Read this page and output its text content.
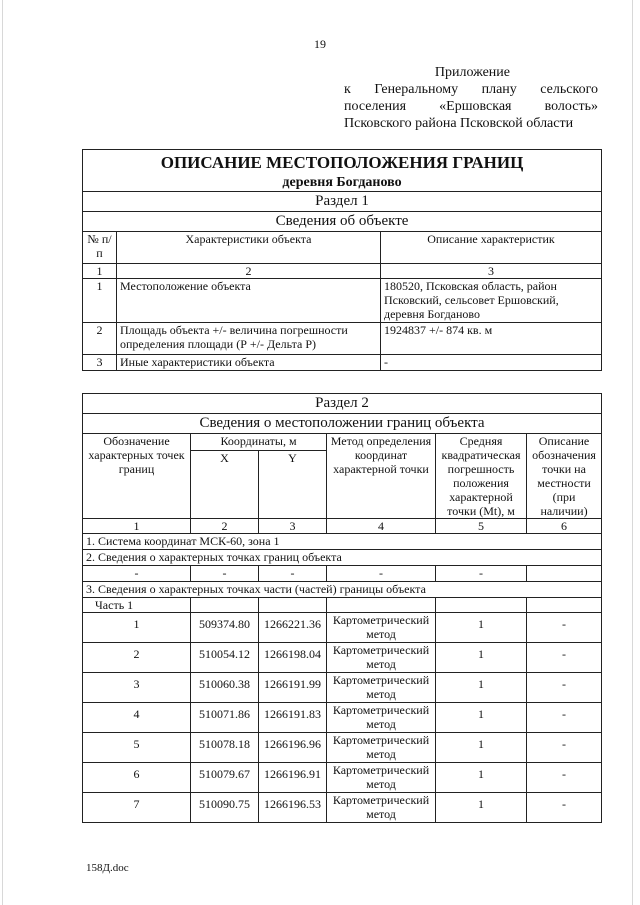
19
Приложение
к Генеральному плану сельского
поселения «Ершовская волость»
Псковского района Псковской области
ОПИСАНИЕ МЕСТОПОЛОЖЕНИЯ ГРАНИЦ
деревня Богданово		

Раздел 1		
Сведения об объекте		
№ п/п	Характеристики объекта	Описание характеристик
1	2	3
1	Местоположение объекта	180520, Псковская область, район Псковский, сельсовет Ершовский, деревня Богданово
2	Площадь объекта +/- величина погрешности определения площади (Р +/- Дельта Р)	1924837 +/- 874 кв. м
3	Иные характеристики объекта	-
Раздел 2					
Сведения о местоположении границ объекта					
Обозначение характерных точек границ	Координаты, м		Метод определения координат характерной точки	Средняя квадратическая погрешность положения характерной точки (Mt), м	Описание обозначения точки на местности (при наличии)
	X	Y			
1	2	3	4	5	6
1. Система координат МСК-60, зона 1					
2. Сведения о характерных точках границ объекта					
-	-	-	-	-	
3. Сведения о характерных точках части (частей) границы объекта					
Часть 1					
1	509374.80	1266221.36	Картометрический метод	1	-
2	510054.12	1266198.04	Картометрический метод	1	-
3	510060.38	1266191.99	Картометрический метод	1	-
4	510071.86	1266191.83	Картометрический метод	1	-
5	510078.18	1266196.96	Картометрический метод	1	-
6	510079.67	1266196.91	Картометрический метод	1	-
7	510090.75	1266196.53	Картометрический метод	1	-
158Д.doc
